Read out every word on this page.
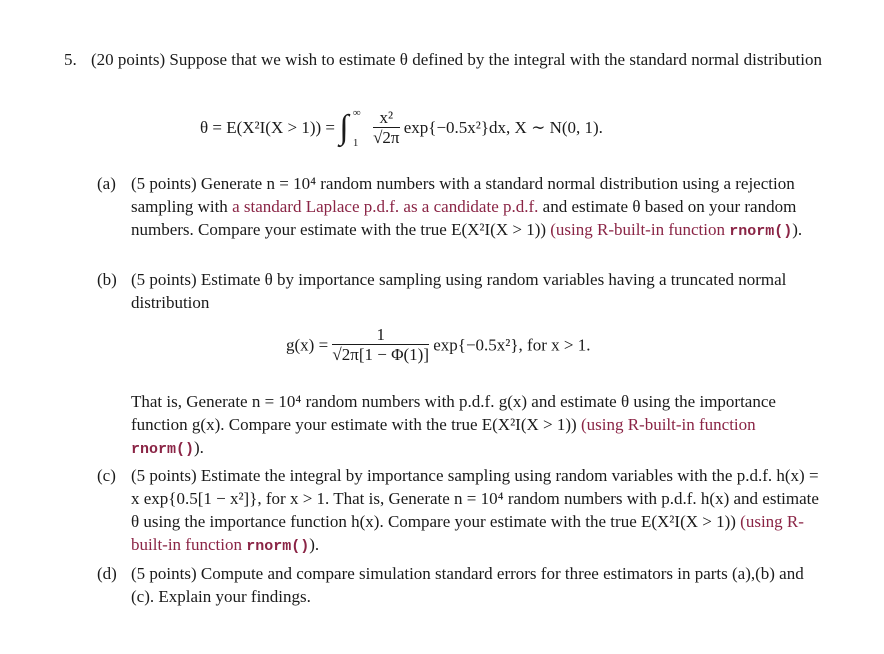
5. (20 points) Suppose that we wish to estimate θ defined by the integral with the standard normal distribution
θ = E(X²I(X > 1)) = ∫ ∞
1
$\frac{\text{x²}}{√2\pi} \exp\{-0.5x^2\}dx$, X ∼ N(0, 1).
(a) (5 points) Generate n = 10⁴ random numbers with a standard normal distribution using a rejection sampling with a standard Laplace p.d.f. as a candidate p.d.f. and estimate θ based on your random numbers. Compare your estimate with the true E(X²I(X > 1)) (using R-built-in function rnorm()).
(b) (5 points) Estimate θ by importance sampling using random variables having a truncated normal distribution
$g(x) = \frac{1}{√2\pi[1 - \Phi(1)]} \exp\{-0.5x^2\}$, for x > 1.
That is, Generate n = 10⁴ random numbers with p.d.f. g(x) and estimate θ using the importance function g(x). Compare your estimate with the true E(X²I(X > 1)) (using R-built-in function rnorm()).
(c) (5 points) Estimate the integral by importance sampling using random variables with the p.d.f. h(x) = x exp{0.5[1 − x²]}, for x > 1. That is, Generate n = 10⁴ random numbers with p.d.f. h(x) and estimate θ using the importance function h(x). Compare your estimate with the true E(X²I(X > 1)) (using R-built-in function rnorm()).
(d) (5 points) Compute and compare simulation standard errors for three estimators in parts (a),(b) and (c). Explain your findings.
